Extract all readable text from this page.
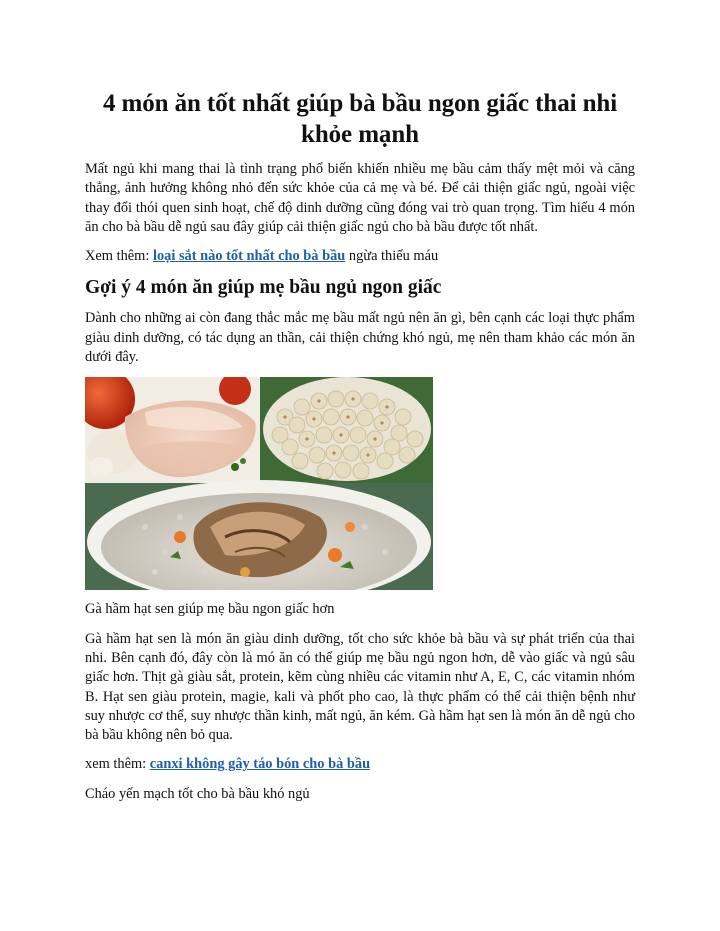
4 món ăn tốt nhất giúp bà bầu ngon giấc thai nhi khỏe mạnh

Mất ngủ khi mang thai là tình trạng phổ biến khiến nhiều mẹ bầu cảm thấy mệt mỏi và căng thẳng, ảnh hưởng không nhỏ đến sức khỏe của cả mẹ và bé. Để cải thiện giấc ngủ, ngoài việc thay đổi thói quen sinh hoạt, chế độ dinh dưỡng cũng đóng vai trò quan trọng. Tìm hiểu 4 món ăn cho bà bầu dễ ngủ sau đây giúp cải thiện giấc ngủ cho bà bầu được tốt nhất.

Xem thêm: loại sắt nào tốt nhất cho bà bầu ngừa thiếu máu

Gợi ý 4 món ăn giúp mẹ bầu ngủ ngon giấc

Dành cho những ai còn đang thắc mắc mẹ bầu mất ngủ nên ăn gì, bên cạnh các loại thực phẩm giàu dinh dưỡng, có tác dụng an thần, cải thiện chứng khó ngủ, mẹ nên tham khảo các món ăn dưới đây.

Gà hầm hạt sen giúp mẹ bầu ngon giấc hơn

Gà hầm hạt sen là món ăn giàu dinh dưỡng, tốt cho sức khỏe bà bầu và sự phát triển của thai nhi. Bên cạnh đó, đây còn là mó ăn có thể giúp mẹ bầu ngủ ngon hơn, dễ vào giấc và ngủ sâu giấc hơn. Thịt gà giàu sắt, protein, kẽm cùng nhiều các vitamin như A, E, C, các vitamin nhóm B. Hạt sen giàu protein, magie, kali và phốt pho cao, là thực phẩm có thể cải thiện bệnh như suy nhược cơ thể, suy nhược thần kinh, mất ngủ, ăn kém. Gà hầm hạt sen là món ăn dễ ngủ cho bà bầu không nên bỏ qua.

xem thêm: canxi không gây táo bón cho bà bầu

Cháo yến mạch tốt cho bà bầu khó ngủ
